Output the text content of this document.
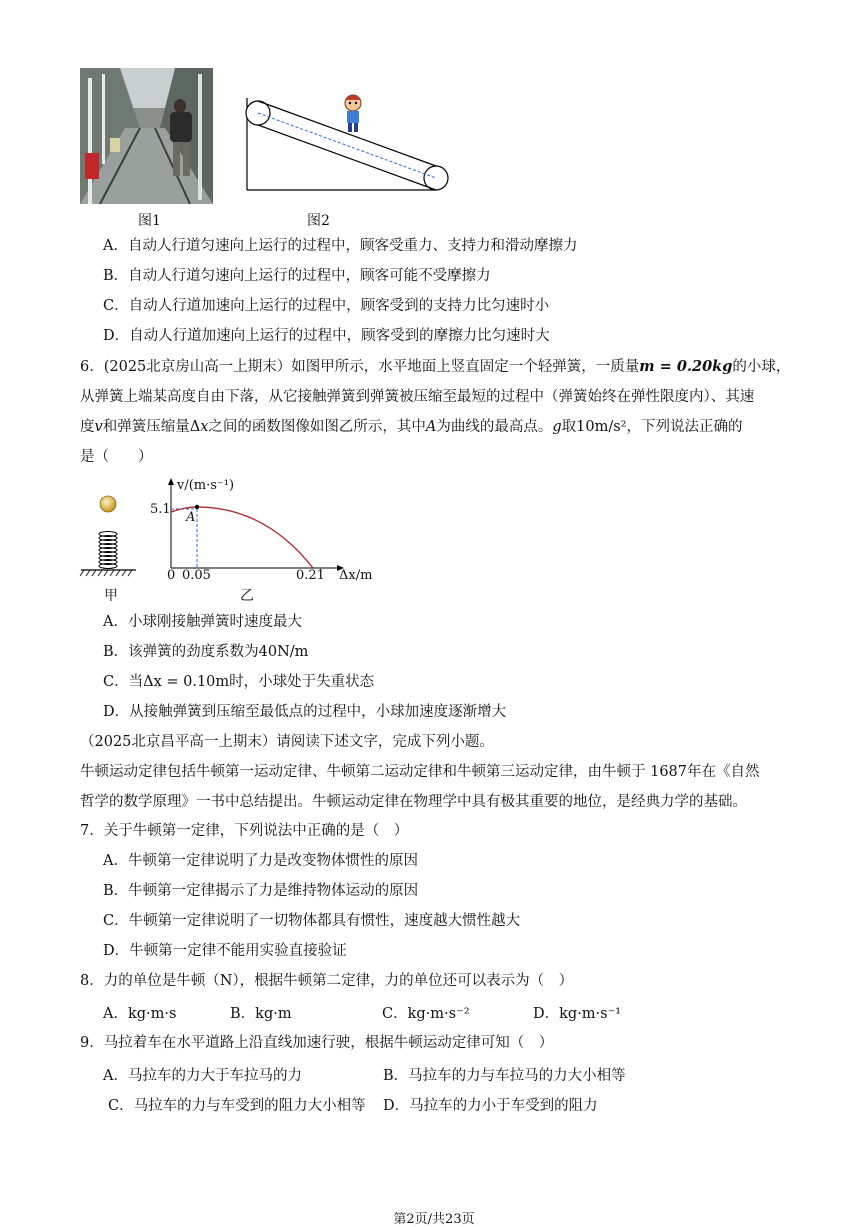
图1	图2
A．自动人行道匀速向上运行的过程中，顾客受重力、支持力和滑动摩擦力
B．自动人行道匀速向上运行的过程中，顾客可能不受摩擦力
C．自动人行道加速向上运行的过程中，顾客受到的支持力比匀速时小
D．自动人行道加速向上运行的过程中，顾客受到的摩擦力比匀速时大
6．(2025北京房山高一上期末）如图甲所示，水平地面上竖直固定一个轻弹簧，一质量m = 0.20kg的小球，
从弹簧上端某高度自由下落，从它接触弹簧到弹簧被压缩至最短的过程中（弹簧始终在弹性限度内）、其速
度v和弹簧压缩量Δx之间的函数图像如图乙所示，其中A为曲线的最高点。g取10m/s²，下列说法正确的
是（　　）
甲
v/(m·s⁻¹)
5.1
A
0 0.05	0.21 Δx/m
乙
A．小球刚接触弹簧时速度最大
B．该弹簧的劲度系数为40N/m
C．当Δx = 0.10m时，小球处于失重状态
D．从接触弹簧到压缩至最低点的过程中，小球加速度逐渐增大
（2025北京昌平高一上期末）请阅读下述文字，完成下列小题。
牛顿运动定律包括牛顿第一运动定律、牛顿第二运动定律和牛顿第三运动定律，由牛顿于 1687年在《自然
哲学的数学原理》一书中总结提出。牛顿运动定律在物理学中具有极其重要的地位，是经典力学的基础。
7．关于牛顿第一定律，下列说法中正确的是（　）
A．牛顿第一定律说明了力是改变物体惯性的原因
B．牛顿第一定律揭示了力是维持物体运动的原因
C．牛顿第一定律说明了一切物体都具有惯性，速度越大惯性越大
D．牛顿第一定律不能用实验直接验证
8．力的单位是牛顿（N），根据牛顿第二定律，力的单位还可以表示为（　）
A．kg·m·s	B．kg·m	C．kg·m·s⁻²	D．kg·m·s⁻¹
9．马拉着车在水平道路上沿直线加速行驶，根据牛顿运动定律可知（　）
A．马拉车的力大于车拉马的力	B．马拉车的力与车拉马的力大小相等
C．马拉车的力与车受到的阻力大小相等 D．马拉车的力小于车受到的阻力
第2页/共23页
